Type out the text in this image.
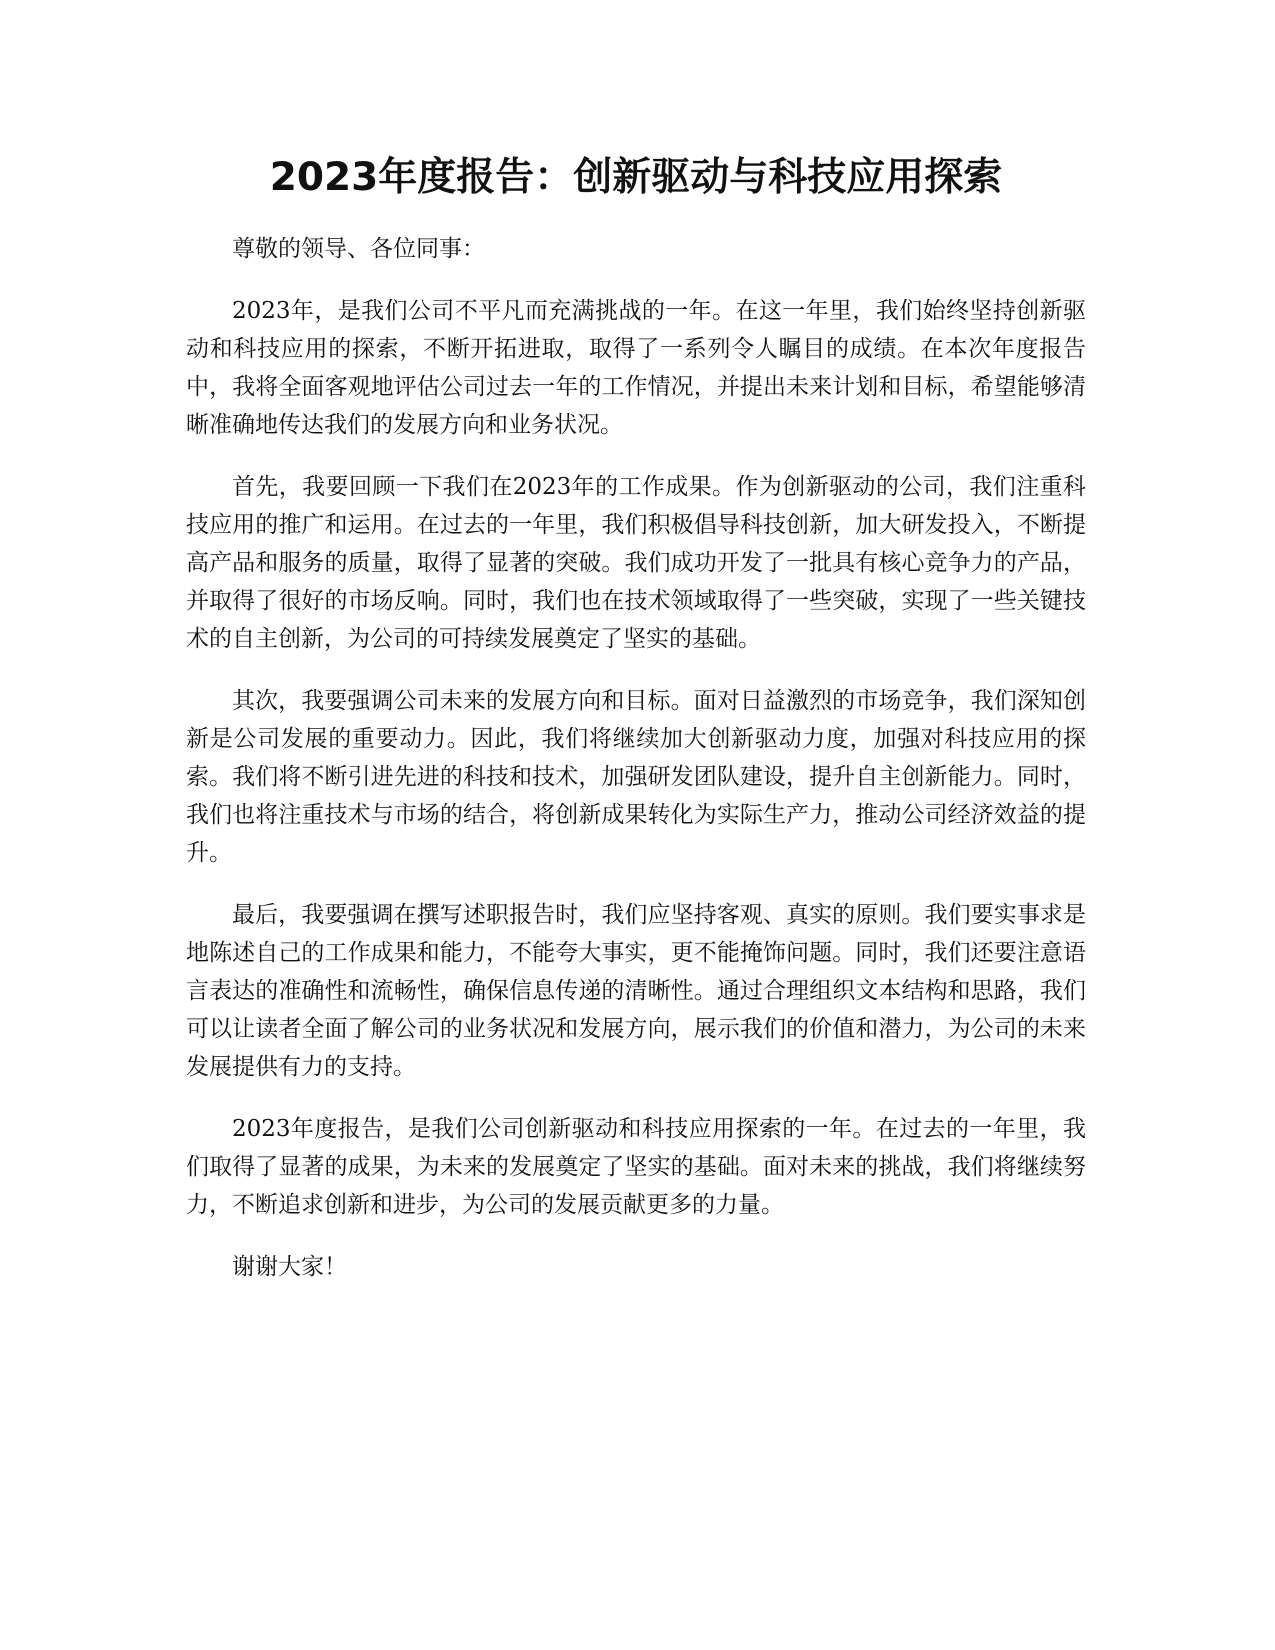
2023年度报告：创新驱动与科技应用探索

尊敬的领导、各位同事：

2023年，是我们公司不平凡而充满挑战的一年。在这一年里，我们始终坚持创新驱动和科技应用的探索，不断开拓进取，取得了一系列令人瞩目的成绩。在本次年度报告中，我将全面客观地评估公司过去一年的工作情况，并提出未来计划和目标，希望能够清晰准确地传达我们的发展方向和业务状况。

首先，我要回顾一下我们在2023年的工作成果。作为创新驱动的公司，我们注重科技应用的推广和运用。在过去的一年里，我们积极倡导科技创新，加大研发投入，不断提高产品和服务的质量，取得了显著的突破。我们成功开发了一批具有核心竞争力的产品，并取得了很好的市场反响。同时，我们也在技术领域取得了一些突破，实现了一些关键技术的自主创新，为公司的可持续发展奠定了坚实的基础。

其次，我要强调公司未来的发展方向和目标。面对日益激烈的市场竞争，我们深知创新是公司发展的重要动力。因此，我们将继续加大创新驱动力度，加强对科技应用的探索。我们将不断引进先进的科技和技术，加强研发团队建设，提升自主创新能力。同时，我们也将注重技术与市场的结合，将创新成果转化为实际生产力，推动公司经济效益的提升。

最后，我要强调在撰写述职报告时，我们应坚持客观、真实的原则。我们要实事求是地陈述自己的工作成果和能力，不能夸大事实，更不能掩饰问题。同时，我们还要注意语言表达的准确性和流畅性，确保信息传递的清晰性。通过合理组织文本结构和思路，我们可以让读者全面了解公司的业务状况和发展方向，展示我们的价值和潜力，为公司的未来发展提供有力的支持。

2023年度报告，是我们公司创新驱动和科技应用探索的一年。在过去的一年里，我们取得了显著的成果，为未来的发展奠定了坚实的基础。面对未来的挑战，我们将继续努力，不断追求创新和进步，为公司的发展贡献更多的力量。

谢谢大家！
